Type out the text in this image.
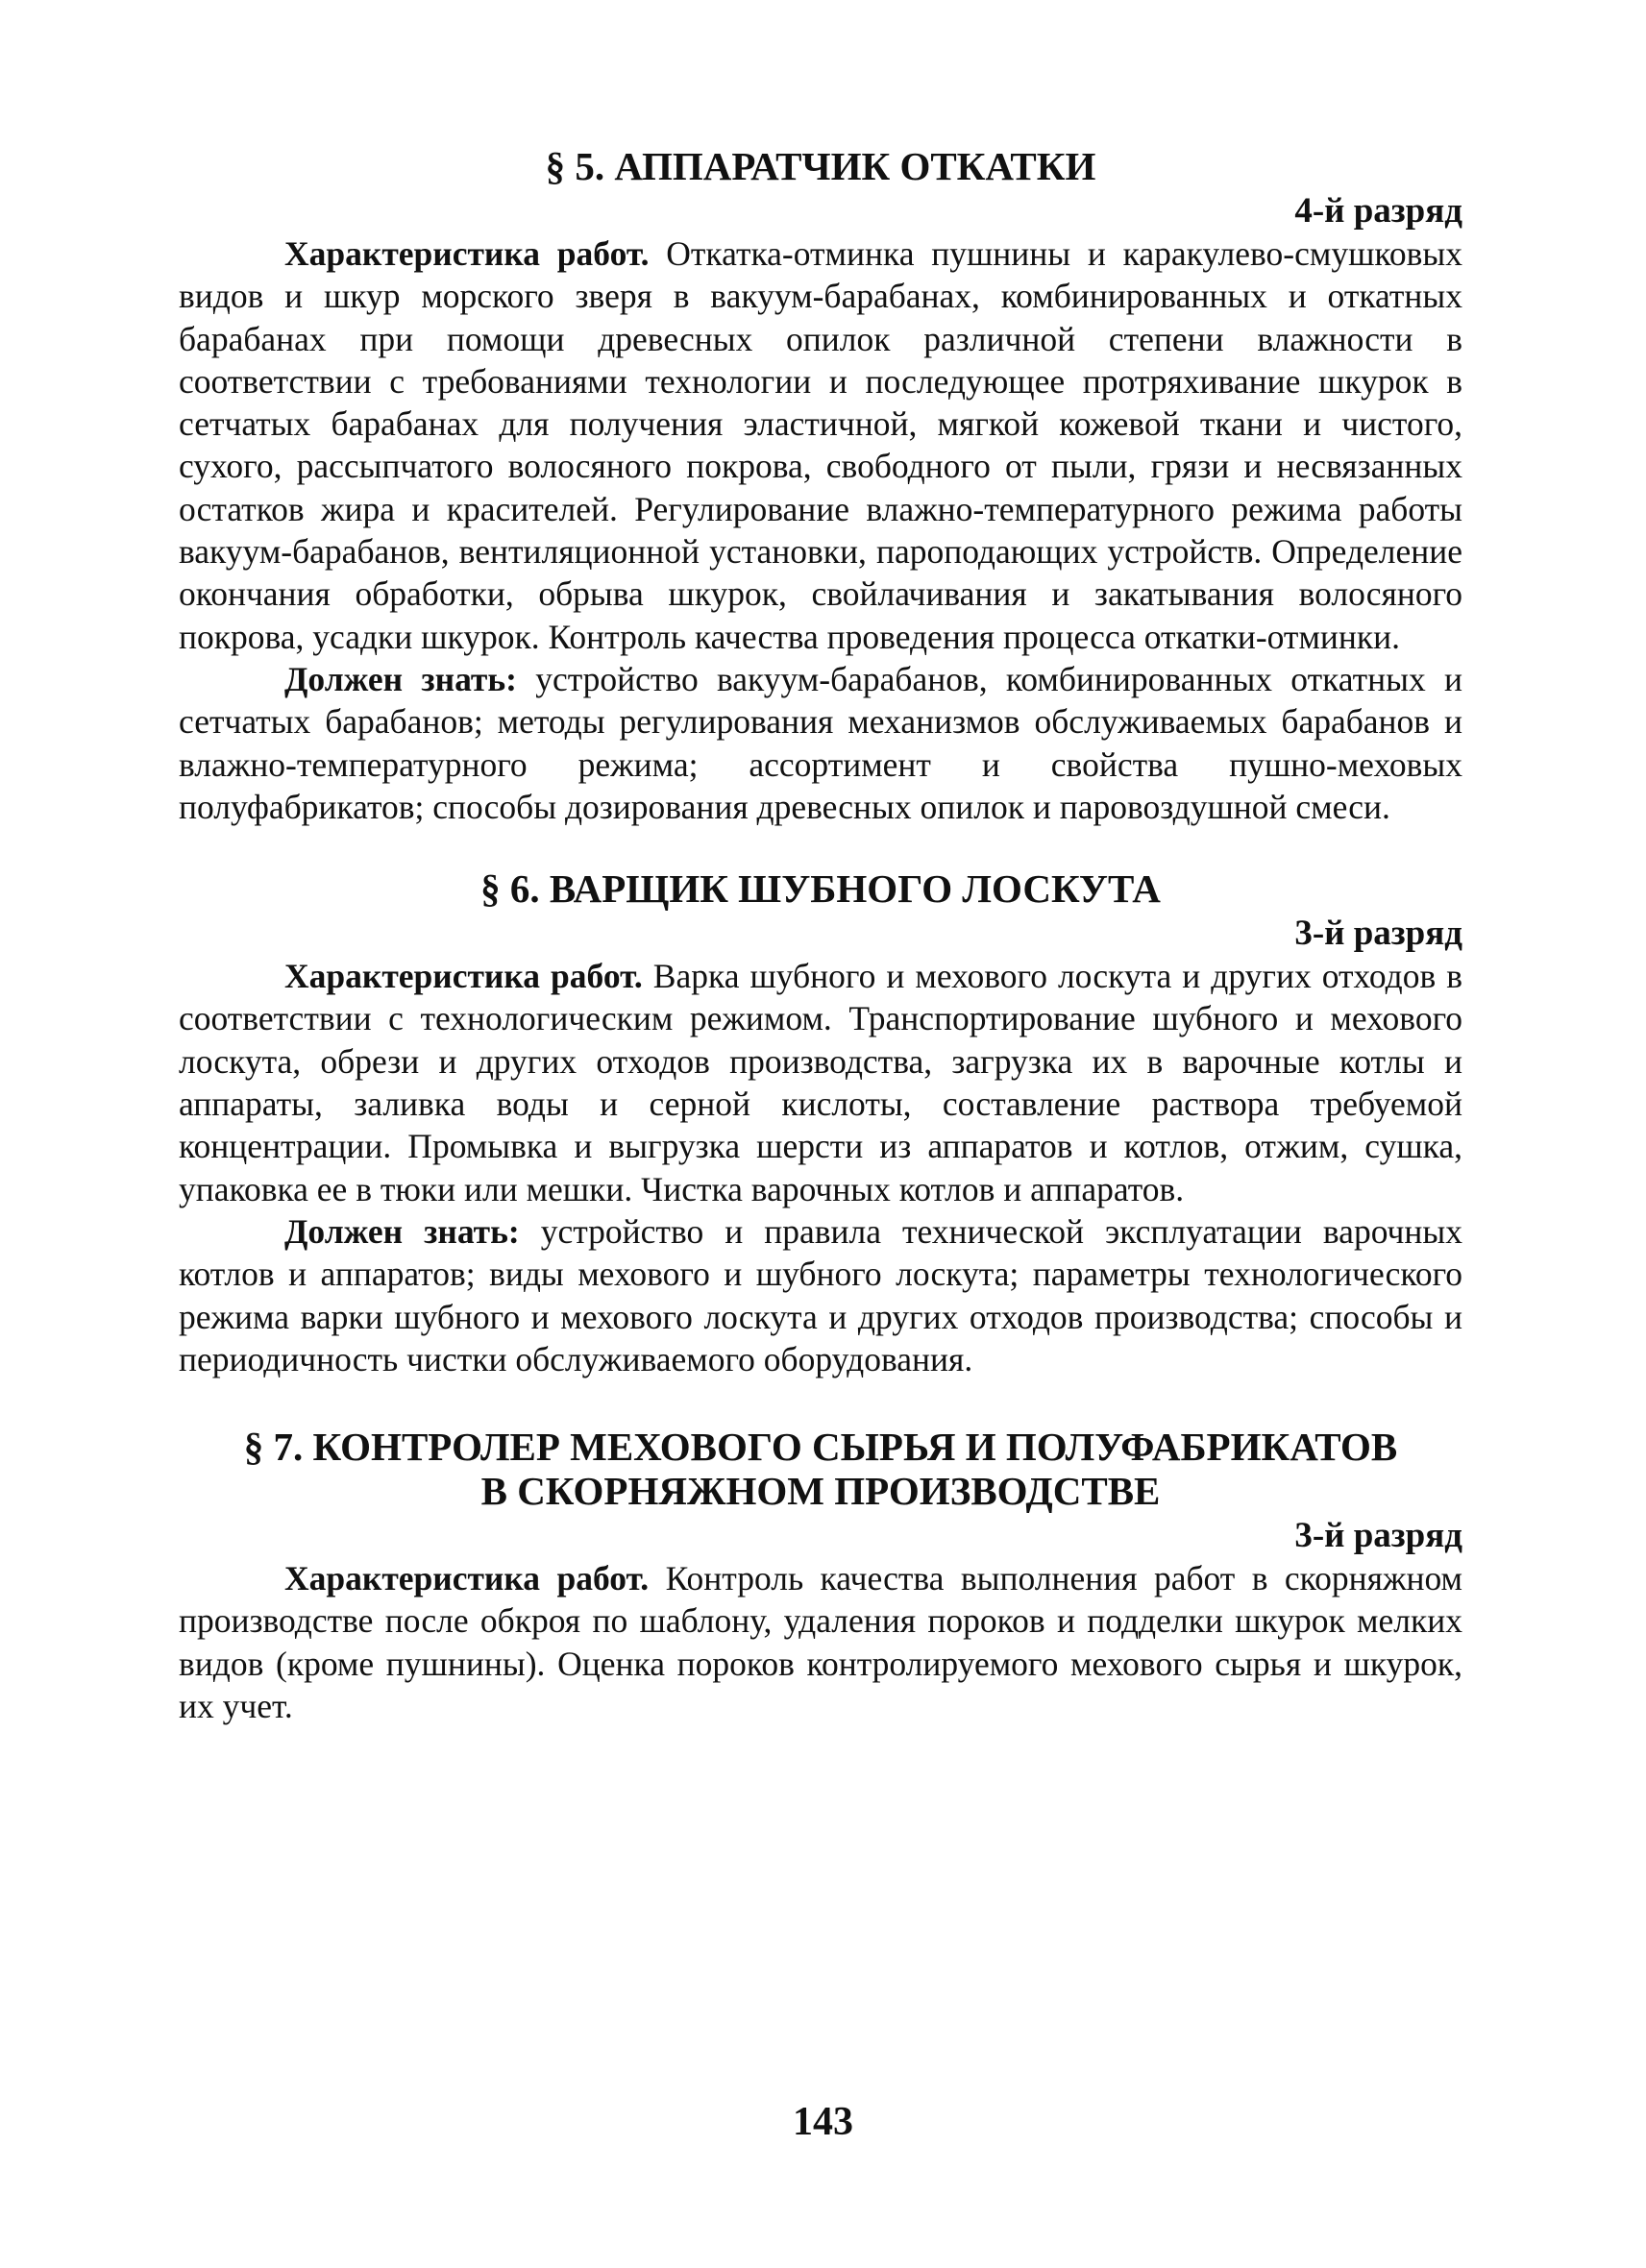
§ 5. АППАРАТЧИК ОТКАТКИ
4-й разряд

Характеристика работ. Откатка-отминка пушнины и каракулево-смушковых видов и шкур морского зверя в вакуум-барабанах, комбинированных и откатных барабанах при помощи древесных опилок различной степени влажности в соответствии с требованиями технологии и последующее протряхивание шкурок в сетчатых барабанах для получения эластичной, мягкой кожевой ткани и чистого, сухого, рассыпчатого волосяного покрова, свободного от пыли, грязи и несвязанных остатков жира и красителей. Регулирование влажно-температурного режима работы вакуум-барабанов, вентиляционной установки, пароподающих устройств. Определение окончания обработки, обрыва шкурок, свойлачивания и закатывания волосяного покрова, усадки шкурок. Контроль качества проведения процесса откатки-отминки.

Должен знать: устройство вакуум-барабанов, комбинированных откатных и сетчатых барабанов; методы регулирования механизмов обслуживаемых барабанов и влажно-температурного режима; ассортимент и свойства пушно-меховых полуфабрикатов; способы дозирования древесных опилок и паровоздушной смеси.

§ 6. ВАРЩИК ШУБНОГО ЛОСКУТА
3-й разряд

Характеристика работ. Варка шубного и мехового лоскута и других отходов в соответствии с технологическим режимом. Транспортирование шубного и мехового лоскута, обрези и других отходов производства, загрузка их в варочные котлы и аппараты, заливка воды и серной кислоты, составление раствора требуемой концентрации. Промывка и выгрузка шерсти из аппаратов и котлов, отжим, сушка, упаковка ее в тюки или мешки. Чистка варочных котлов и аппаратов.

Должен знать: устройство и правила технической эксплуатации варочных котлов и аппаратов; виды мехового и шубного лоскута; параметры технологического режима варки шубного и мехового лоскута и других отходов производства; способы и периодичность чистки обслуживаемого оборудования.

§ 7. КОНТРОЛЕР МЕХОВОГО СЫРЬЯ И ПОЛУФАБРИКАТОВ
В СКОРНЯЖНОМ ПРОИЗВОДСТВЕ
3-й разряд

Характеристика работ. Контроль качества выполнения работ в скорняжном производстве после обкроя по шаблону, удаления пороков и подделки шкурок мелких видов (кроме пушнины). Оценка пороков контролируемого мехового сырья и шкурок, их учет.

143
